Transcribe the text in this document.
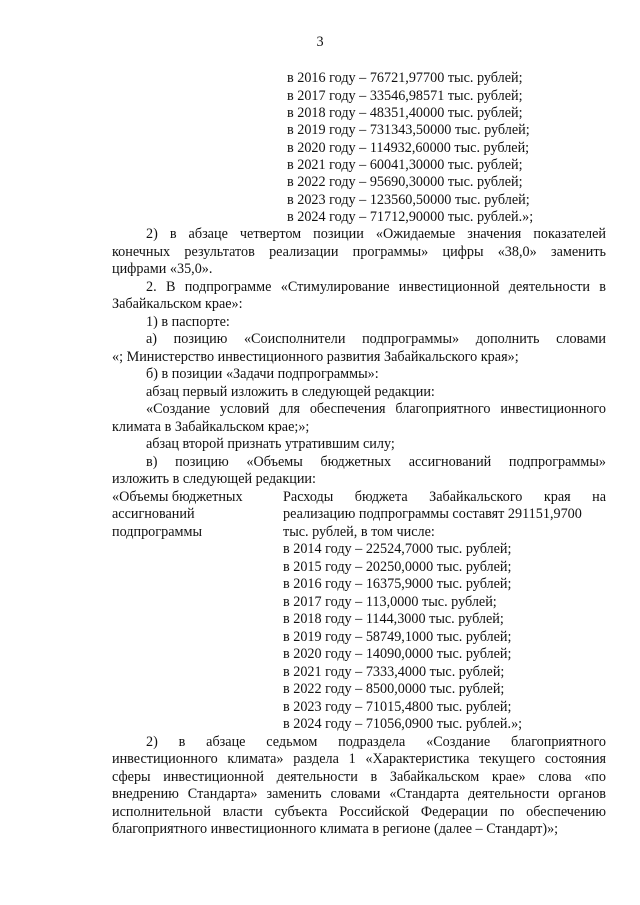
3
в 2016 году – 76721,97700 тыс. рублей;
в 2017 году – 33546,98571 тыс. рублей;
в 2018 году – 48351,40000 тыс. рублей;
в 2019 году – 731343,50000 тыс. рублей;
в 2020 году – 114932,60000 тыс. рублей;
в 2021 году – 60041,30000 тыс. рублей;
в 2022 году – 95690,30000 тыс. рублей;
в 2023 году – 123560,50000 тыс. рублей;
в 2024 году – 71712,90000 тыс. рублей.»;
2) в абзаце четвертом позиции «Ожидаемые значения показателей
конечных результатов реализации программы» цифры «38,0» заменить
цифрами «35,0».
2. В подпрограмме «Стимулирование инвестиционной деятельности в
Забайкальском крае»:
1) в паспорте:
а) позицию «Соисполнители подпрограммы» дополнить словами
«; Министерство инвестиционного развития Забайкальского края»;
б) в позиции «Задачи подпрограммы»:
абзац первый изложить в следующей редакции:
«Создание условий для обеспечения благоприятного инвестиционного
климата в Забайкальском крае;»;
абзац второй признать утратившим силу;
в) позицию «Объемы бюджетных ассигнований подпрограммы»
изложить в следующей редакции:
«Объемы бюджетных
ассигнований
подпрограммы
Расходы бюджета Забайкальского края на
реализацию подпрограммы составят 291151,9700
тыс. рублей, в том числе:
в 2014 году – 22524,7000 тыс. рублей;
в 2015 году – 20250,0000 тыс. рублей;
в 2016 году – 16375,9000 тыс. рублей;
в 2017 году – 113,0000 тыс. рублей;
в 2018 году – 1144,3000 тыс. рублей;
в 2019 году – 58749,1000 тыс. рублей;
в 2020 году – 14090,0000 тыс. рублей;
в 2021 году – 7333,4000 тыс. рублей;
в 2022 году – 8500,0000 тыс. рублей;
в 2023 году – 71015,4800 тыс. рублей;
в 2024 году – 71056,0900 тыс. рублей.»;
2) в абзаце седьмом подраздела «Создание благоприятного
инвестиционного климата» раздела 1 «Характеристика текущего состояния
сферы инвестиционной деятельности в Забайкальском крае» слова «по
внедрению Стандарта» заменить словами «Стандарта деятельности органов
исполнительной власти субъекта Российской Федерации по обеспечению
благоприятного инвестиционного климата в регионе (далее – Стандарт)»;
